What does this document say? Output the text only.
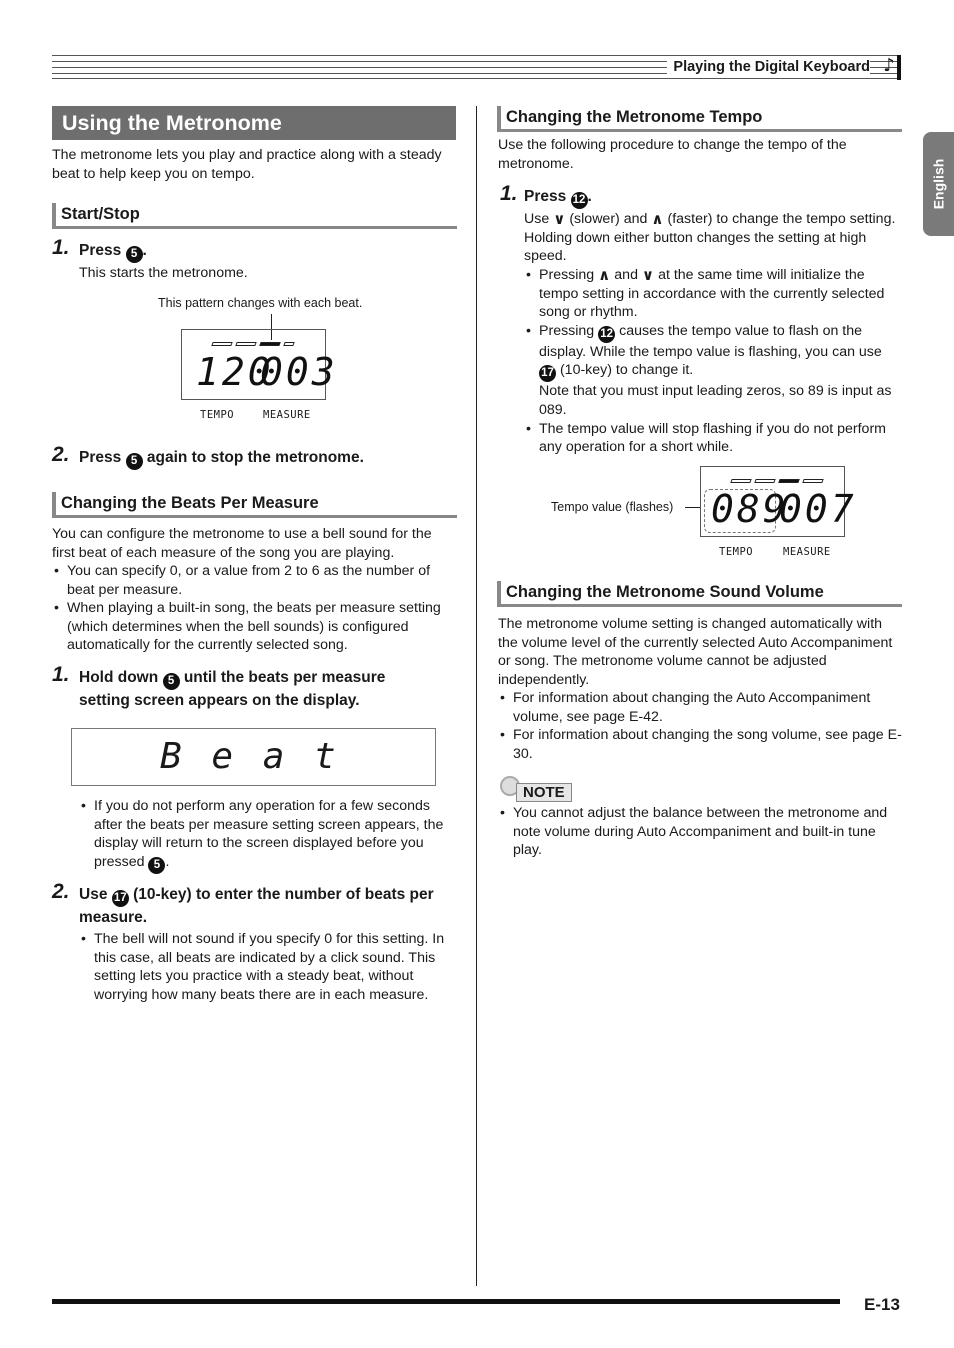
Playing the Digital Keyboard ♪
English
Using the Metronome
The metronome lets you play and practice along with a steady beat to help keep you on tempo.
Start/Stop
1. Press 5 .
This starts the metronome.
This pattern changes with each beat.
120
003
TEMPO	MEASURE
2. Press 5 again to stop the metronome.
Changing the Beats Per Measure
You can configure the metronome to use a bell sound for the first beat of each measure of the song you are playing.
• You can specify 0, or a value from 2 to 6 as the number of beat per measure.
• When playing a built-in song, the beats per measure setting (which determines when the bell sounds) is configured automatically for the currently selected song.
1. Hold down 5 until the beats per measure setting screen appears on the display.
B e a t
• If you do not perform any operation for a few seconds after the beats per measure setting screen appears, the display will return to the screen displayed before you pressed 5 .
2. Use 17 (10-key) to enter the number of beats per measure.
• The bell will not sound if you specify 0 for this setting. In this case, all beats are indicated by a click sound. This setting lets you practice with a steady beat, without worrying how many beats there are in each measure.
Changing the Metronome Tempo
Use the following procedure to change the tempo of the metronome.
1. Press 12 .
Use ∨ (slower) and ∧ (faster) to change the tempo setting. Holding down either button changes the setting at high speed.
• Pressing ∧ and ∨ at the same time will initialize the tempo setting in accordance with the currently selected song or rhythm.
• Pressing 12 causes the tempo value to flash on the display. While the tempo value is flashing, you can use 17 (10-key) to change it.
Note that you must input leading zeros, so 89 is input as 089.
• The tempo value will stop flashing if you do not perform any operation for a short while.
Tempo value (flashes) 089
007
TEMPO	MEASURE
Changing the Metronome Sound Volume
The metronome volume setting is changed automatically with the volume level of the currently selected Auto Accompaniment or song. The metronome volume cannot be adjusted independently.
• For information about changing the Auto Accompaniment volume, see page E-42.
• For information about changing the song volume, see page E-30.
NOTE
• You cannot adjust the balance between the metronome and note volume during Auto Accompaniment and built-in tune play.
E-13
